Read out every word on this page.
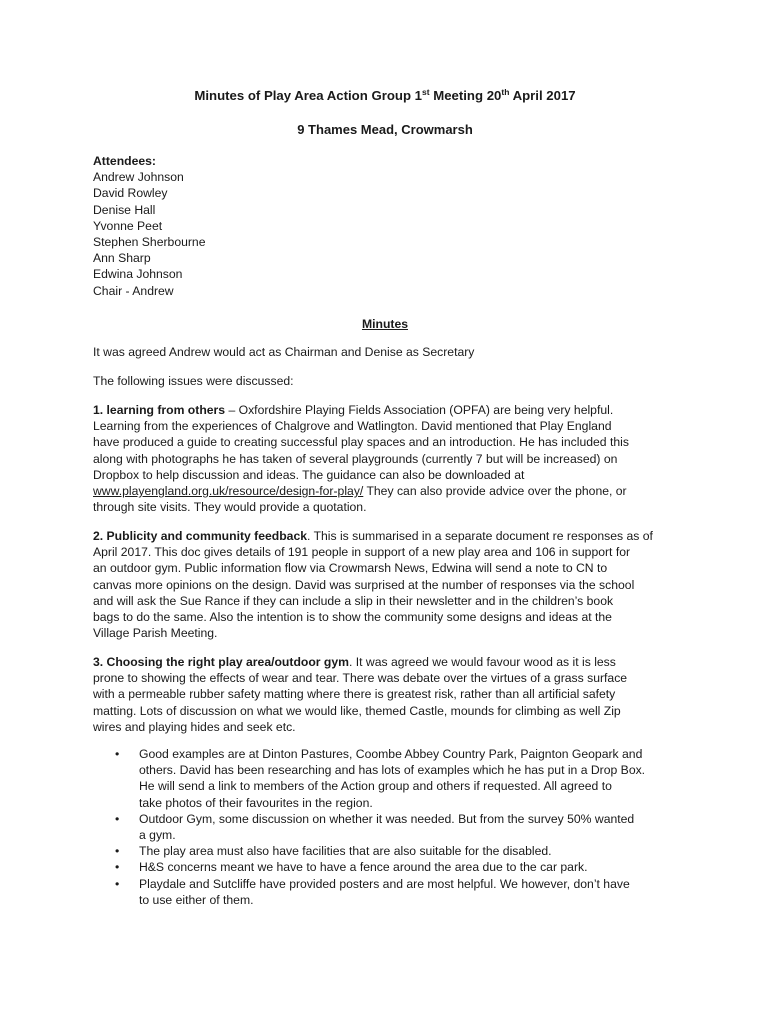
Minutes of Play Area Action Group 1st Meeting 20th April 2017
9 Thames Mead, Crowmarsh
Attendees:
Andrew Johnson
David Rowley
Denise Hall
Yvonne Peet
Stephen Sherbourne
Ann Sharp
Edwina Johnson
Chair - Andrew
Minutes
It was agreed Andrew would act as Chairman and Denise as Secretary
The following issues were discussed:
1. learning from others – Oxfordshire Playing Fields Association (OPFA) are being very helpful.
Learning from the experiences of Chalgrove and Watlington. David mentioned that Play England
have produced a guide to creating successful play spaces and an introduction. He has included this
along with photographs he has taken of several playgrounds (currently 7 but will be increased) on
Dropbox to help discussion and ideas. The guidance can also be downloaded at
www.playengland.org.uk/resource/design-for-play/ They can also provide advice over the phone, or
through site visits. They would provide a quotation.
2. Publicity and community feedback. This is summarised in a separate document re responses as of
April 2017. This doc gives details of 191 people in support of a new play area and 106 in support for
an outdoor gym. Public information flow via Crowmarsh News, Edwina will send a note to CN to
canvas more opinions on the design. David was surprised at the number of responses via the school
and will ask the Sue Rance if they can include a slip in their newsletter and in the children’s book
bags to do the same. Also the intention is to show the community some designs and ideas at the
Village Parish Meeting.
3. Choosing the right play area/outdoor gym. It was agreed we would favour wood as it is less
prone to showing the effects of wear and tear. There was debate over the virtues of a grass surface
with a permeable rubber safety matting where there is greatest risk, rather than all artificial safety
matting. Lots of discussion on what we would like, themed Castle, mounds for climbing as well Zip
wires and playing hides and seek etc.
• Good examples are at Dinton Pastures, Coombe Abbey Country Park, Paignton Geopark and
others. David has been researching and has lots of examples which he has put in a Drop Box.
He will send a link to members of the Action group and others if requested. All agreed to
take photos of their favourites in the region.
• Outdoor Gym, some discussion on whether it was needed. But from the survey 50% wanted
a gym.
• The play area must also have facilities that are also suitable for the disabled.
• H&S concerns meant we have to have a fence around the area due to the car park.
• Playdale and Sutcliffe have provided posters and are most helpful. We however, don’t have
to use either of them.
